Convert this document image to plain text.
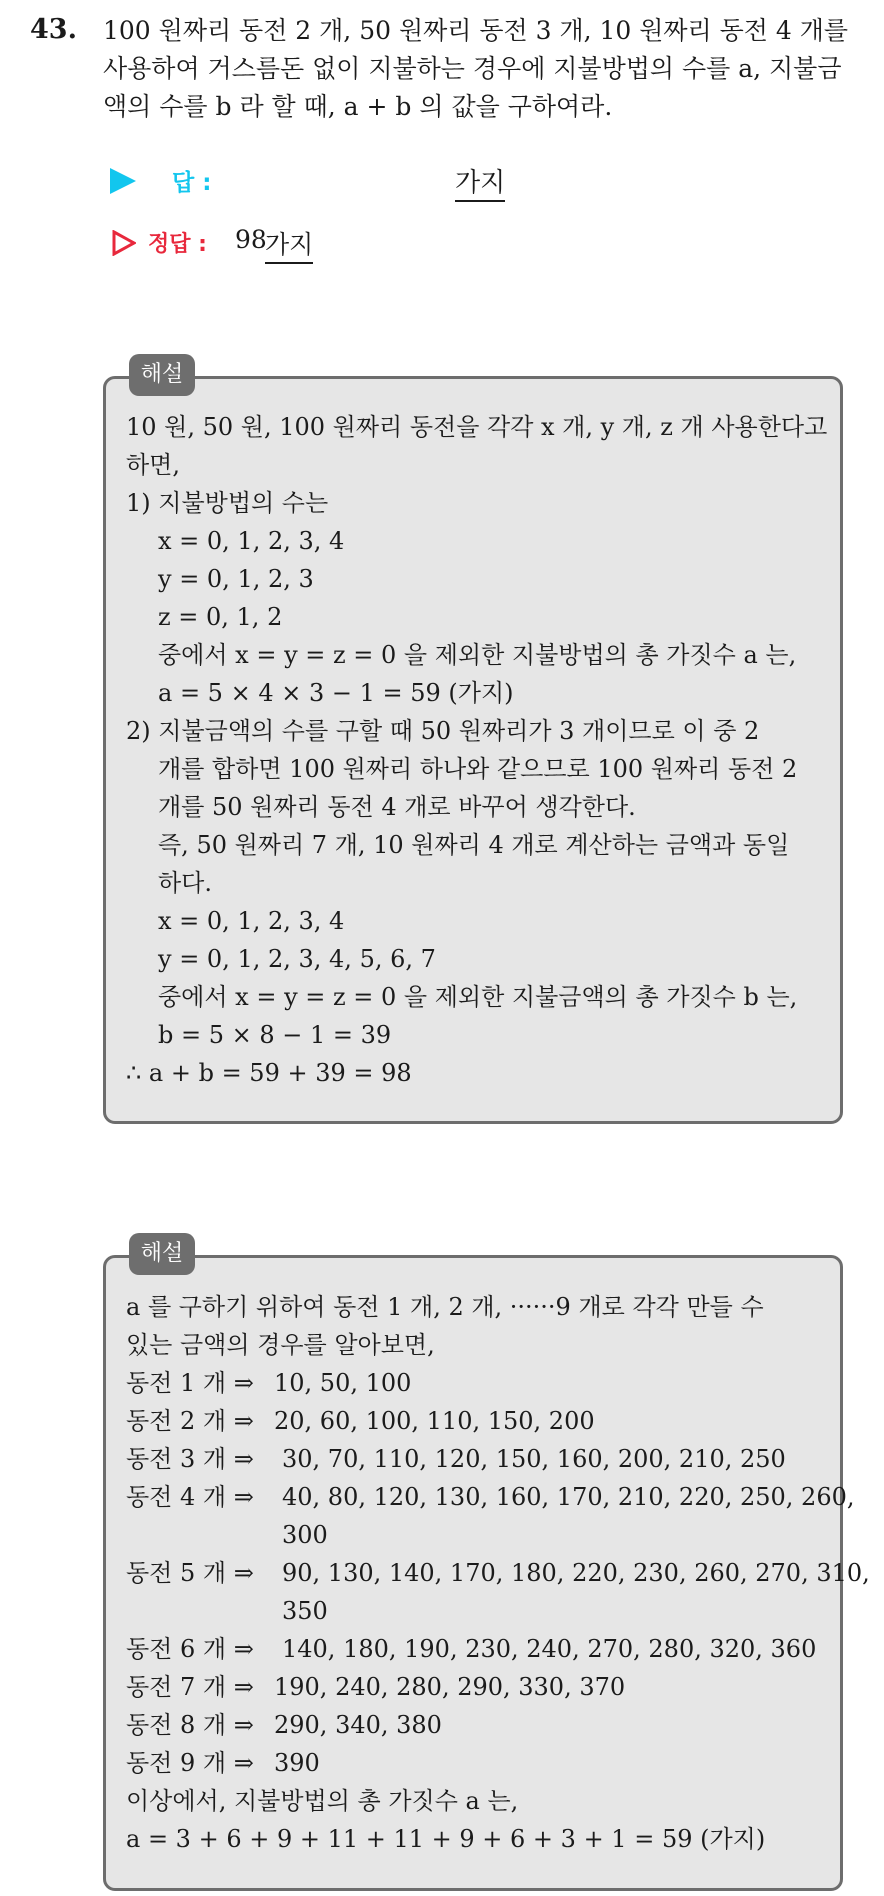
43. 100 원짜리 동전 2 개, 50 원짜리 동전 3 개, 10 원짜리 동전 4 개를
사용하여 거스름돈 없이 지불하는 경우에 지불방법의 수를 a, 지불금
액의 수를 b 라 할 때, a + b 의 값을 구하여라.
답 :	가지
정답 : 98
가지
해설
10 원, 50 원, 100 원짜리 동전을 각각 x 개, y 개, z 개 사용한다고
하면,
1) 지불방법의 수는
x = 0, 1, 2, 3, 4
y = 0, 1, 2, 3
z = 0, 1, 2
중에서 x = y = z = 0 을 제외한 지불방법의 총 가짓수 a 는,
a = 5 × 4 × 3 − 1 = 59 (가지)
2) 지불금액의 수를 구할 때 50 원짜리가 3 개이므로 이 중 2
개를 합하면 100 원짜리 하나와 같으므로 100 원짜리 동전 2
개를 50 원짜리 동전 4 개로 바꾸어 생각한다.
즉, 50 원짜리 7 개, 10 원짜리 4 개로 계산하는 금액과 동일
하다.
x = 0, 1, 2, 3, 4
y = 0, 1, 2, 3, 4, 5, 6, 7
중에서 x = y = z = 0 을 제외한 지불금액의 총 가짓수 b 는,
b = 5 × 8 − 1 = 39
∴ a + b = 59 + 39 = 98
해설
a 를 구하기 위하여 동전 1 개, 2 개, ······9 개로 각각 만들 수
있는 금액의 경우를 알아보면,
동전 1 개 ⇒ 10, 50, 100
동전 2 개 ⇒ 20, 60, 100, 110, 150, 200
동전 3 개 ⇒	30, 70, 110, 120, 150, 160, 200, 210, 250
동전 4 개 ⇒	40, 80, 120, 130, 160, 170, 210, 220, 250, 260,
300
동전 5 개 ⇒	90, 130, 140, 170, 180, 220, 230, 260, 270, 310,
350
동전 6 개 ⇒	140, 180, 190, 230, 240, 270, 280, 320, 360
동전 7 개 ⇒ 190, 240, 280, 290, 330, 370
동전 8 개 ⇒ 290, 340, 380
동전 9 개 ⇒ 390
이상에서, 지불방법의 총 가짓수 a 는,
a = 3 + 6 + 9 + 11 + 11 + 9 + 6 + 3 + 1 = 59 (가지)
